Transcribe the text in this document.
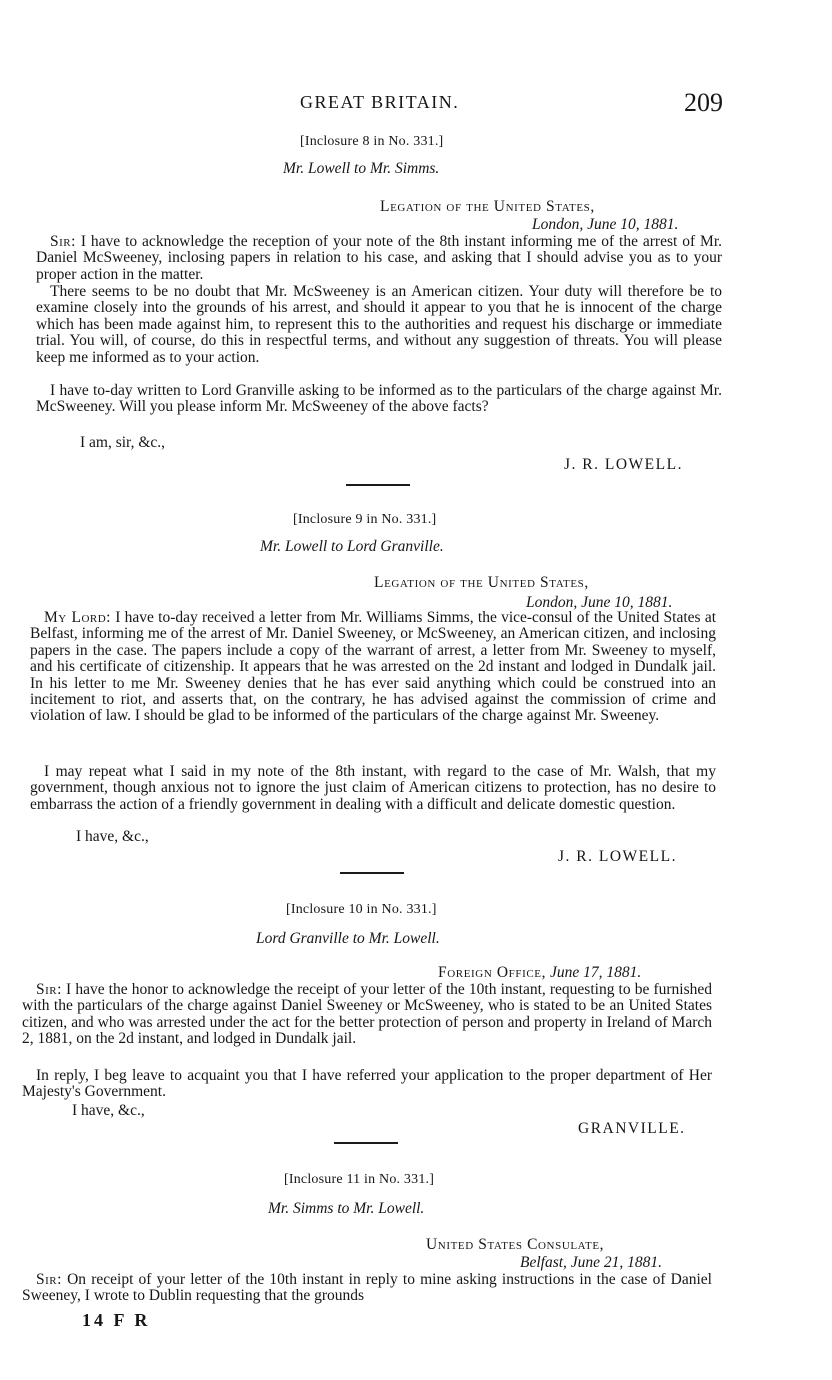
GREAT BRITAIN.	209
[Inclosure 8 in No. 331.]
Mr. Lowell to Mr. Simms.
Legation of the United States,
London, June 10, 1881.
Sir: I have to acknowledge the reception of your note of the 8th instant informing me of the arrest of Mr. Daniel McSweeney, inclosing papers in relation to his case, and asking that I should advise you as to your proper action in the matter.
There seems to be no doubt that Mr. McSweeney is an American citizen. Your duty will therefore be to examine closely into the grounds of his arrest, and should it appear to you that he is innocent of the charge which has been made against him, to represent this to the authorities and request his discharge or immediate trial. You will, of course, do this in respectful terms, and without any suggestion of threats. You will please keep me informed as to your action.
I have to-day written to Lord Granville asking to be informed as to the particulars of the charge against Mr. McSweeney. Will you please inform Mr. McSweeney of the above facts?
I am, sir, &c.,
J. R. LOWELL.
[Inclosure 9 in No. 331.]
Mr. Lowell to Lord Granville.
Legation of the United States,
London, June 10, 1881.
My Lord: I have to-day received a letter from Mr. Williams Simms, the vice-consul of the United States at Belfast, informing me of the arrest of Mr. Daniel Sweeney, or McSweeney, an American citizen, and inclosing papers in the case. The papers include a copy of the warrant of arrest, a letter from Mr. Sweeney to myself, and his certificate of citizenship. It appears that he was arrested on the 2d instant and lodged in Dundalk jail. In his letter to me Mr. Sweeney denies that he has ever said anything which could be construed into an incitement to riot, and asserts that, on the contrary, he has advised against the commission of crime and violation of law. I should be glad to be informed of the particulars of the charge against Mr. Sweeney.
I may repeat what I said in my note of the 8th instant, with regard to the case of Mr. Walsh, that my government, though anxious not to ignore the just claim of American citizens to protection, has no desire to embarrass the action of a friendly government in dealing with a difficult and delicate domestic question.
I have, &c.,
J. R. LOWELL.
[Inclosure 10 in No. 331.]
Lord Granville to Mr. Lowell.
Foreign Office, June 17, 1881.
Sir: I have the honor to acknowledge the receipt of your letter of the 10th instant, requesting to be furnished with the particulars of the charge against Daniel Sweeney or McSweeney, who is stated to be an United States citizen, and who was arrested under the act for the better protection of person and property in Ireland of March 2, 1881, on the 2d instant, and lodged in Dundalk jail.
In reply, I beg leave to acquaint you that I have referred your application to the proper department of Her Majesty's Government.
I have, &c.,
GRANVILLE.
[Inclosure 11 in No. 331.]
Mr. Simms to Mr. Lowell.
United States Consulate,
Belfast, June 21, 1881.
Sir: On receipt of your letter of the 10th instant in reply to mine asking instructions in the case of Daniel Sweeney, I wrote to Dublin requesting that the grounds
14 F R
